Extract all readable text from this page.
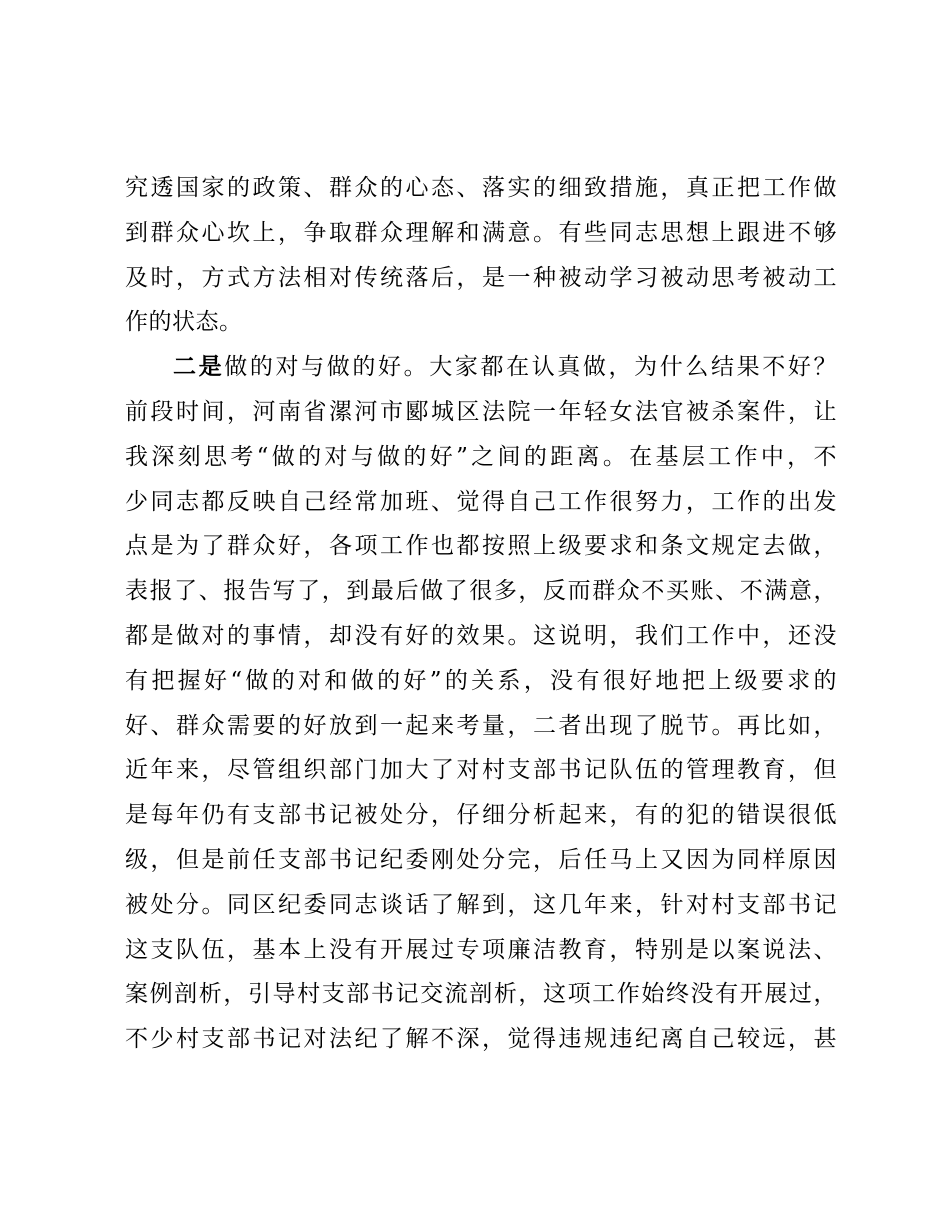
究透国家的政策、群众的心态、落实的细致措施，真正把工作做
到群众心坎上，争取群众理解和满意。有些同志思想上跟进不够
及时，方式方法相对传统落后，是一种被动学习被动思考被动工
作的状态。
二是做的对与做的好。大家都在认真做，为什么结果不好？
前段时间，河南省漯河市郾城区法院一年轻女法官被杀案件，让
我深刻思考“做的对与做的好”之间的距离。在基层工作中，不
少同志都反映自己经常加班、觉得自己工作很努力，工作的出发
点是为了群众好，各项工作也都按照上级要求和条文规定去做，
表报了、报告写了，到最后做了很多，反而群众不买账、不满意，
都是做对的事情，却没有好的效果。这说明，我们工作中，还没
有把握好“做的对和做的好”的关系，没有很好地把上级要求的
好、群众需要的好放到一起来考量，二者出现了脱节。再比如，
近年来，尽管组织部门加大了对村支部书记队伍的管理教育，但
是每年仍有支部书记被处分，仔细分析起来，有的犯的错误很低
级，但是前任支部书记纪委刚处分完，后任马上又因为同样原因
被处分。同区纪委同志谈话了解到，这几年来，针对村支部书记
这支队伍，基本上没有开展过专项廉洁教育，特别是以案说法、
案例剖析，引导村支部书记交流剖析，这项工作始终没有开展过，
不少村支部书记对法纪了解不深，觉得违规违纪离自己较远，甚
